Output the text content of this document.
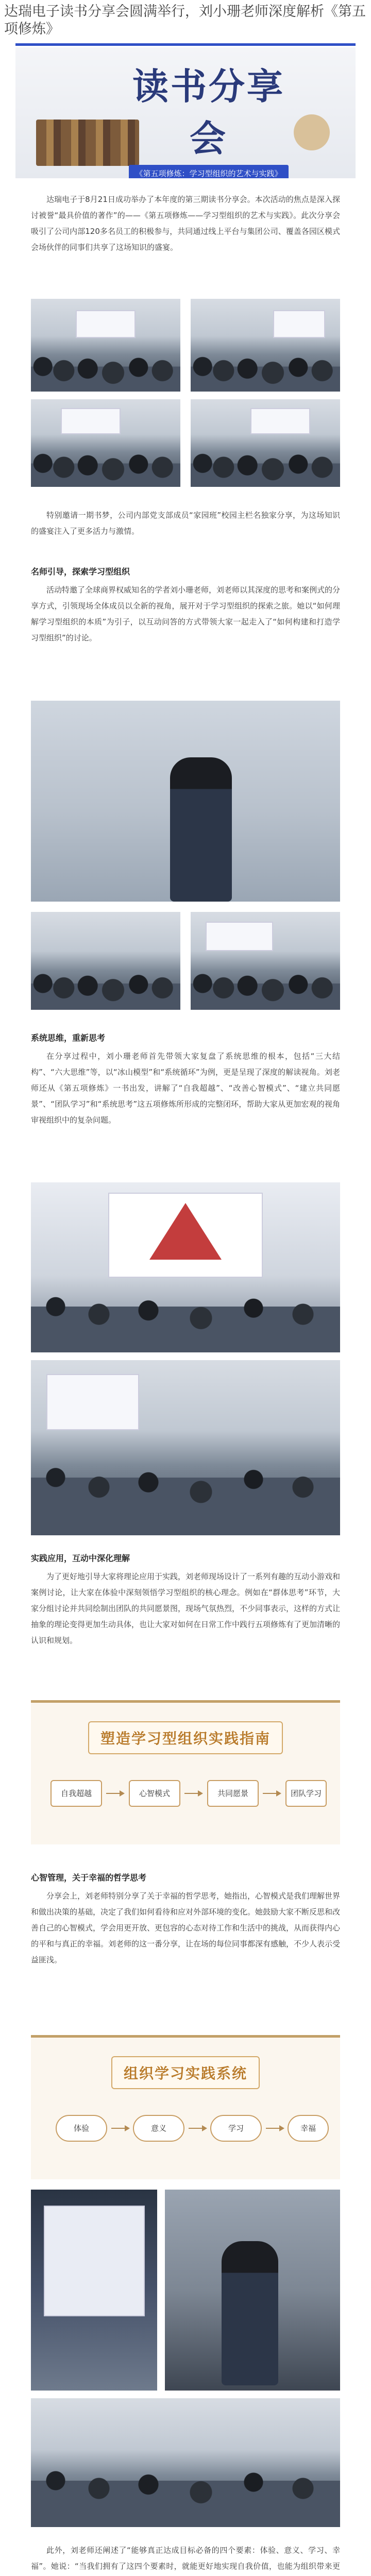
达瑞电子读书分享会圆满举行，刘小珊老师深度解析《第五项修炼》
读书分享会
《第五项修炼：学习型组织的艺术与实践》
达瑞电子于8月21日成功举办了本年度的第三期读书分享会。本次活动的焦点是深入探讨被誉“最具价值的著作”的——《第五项修炼——学习型组织的艺术与实践》。此次分享会吸引了公司内部120多名员工的积极参与，共同通过线上平台与集团公司、覆盖各园区模式会场伙伴的同事们共享了这场知识的盛宴。
特别邀请一期书梦，公司内部党支部成员“家园班”校园主栏名独家分享，为这场知识的盛宴注入了更多活力与激情。
名师引导，探索学习型组织
活动特邀了全球商界权威知名的学者刘小珊老师，刘老师以其深度的思考和案例式的分享方式，引领现场全体成员以全新的视角，展开对于学习型组织的探索之旅。她以“如何理解学习型组织的本质”为引子，以互动问答的方式带领大家一起走入了“如何构建和打造学习型组织”的讨论。
系统思维，重新思考
在分享过程中，刘小珊老师首先带领大家复盘了系统思维的根本，包括“三大结构”、“六大思维”等，以“冰山模型”和“系统循环”为例，更是呈现了深度的解读视角。刘老师还从《第五项修炼》一书出发，讲解了“自我超越”、“改善心智模式”、“建立共同愿景”、“团队学习”和“系统思考”这五项修炼所形成的完整闭环，帮助大家从更加宏观的视角审视组织中的复杂问题。
实践应用，互动中深化理解
为了更好地引导大家将理论应用于实践，刘老师现场设计了一系列有趣的互动小游戏和案例讨论，让大家在体验中深刻领悟学习型组织的核心理念。例如在“群体思考”环节，大家分组讨论并共同绘制出团队的共同愿景图，现场气氛热烈，不少同事表示，这样的方式让抽象的理论变得更加生动具体，也让大家对如何在日常工作中践行五项修炼有了更加清晰的认识和规划。
塑造学习型组织实践指南
自我超越	心智模式	共同愿景	团队学习
心智管理，关于幸福的哲学思考
分享会上，刘老师特别分享了关于幸福的哲学思考，她指出，心智模式是我们理解世界和做出决策的基础，决定了我们如何看待和应对外部环境的变化。她鼓励大家不断反思和改善自己的心智模式，学会用更开放、更包容的心态对待工作和生活中的挑战，从而获得内心的平和与真正的幸福。刘老师的这一番分享，让在场的每位同事都深有感触，不少人表示受益匪浅。
组织学习实践系统
体验	意义	学习	幸福
此外，刘老师还阐述了“能够真正达成目标必备的四个要素：体验、意义、学习、幸福”。她说：“当我们拥有了这四个要素时，就能更好地实现自我价值，也能为组织带来更
